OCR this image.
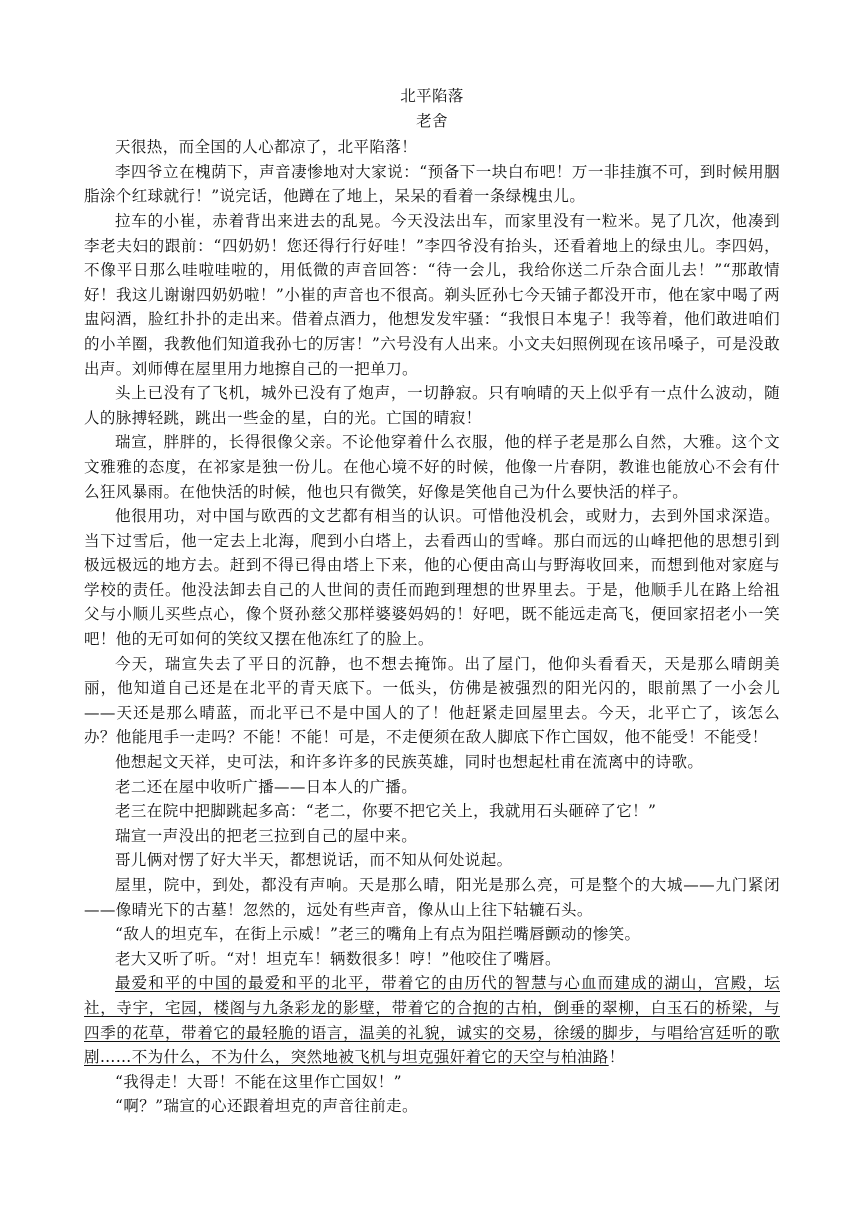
北平陷落

老舍

天很热，而全国的人心都凉了，北平陷落！

李四爷立在槐荫下，声音凄惨地对大家说：“预备下一块白布吧！万一非挂旗不可，到时候用胭脂涂个红球就行！”说完话，他蹲在了地上，呆呆的看着一条绿槐虫儿。

拉车的小崔，赤着背出来进去的乱晃。今天没法出车，而家里没有一粒米。晃了几次，他凑到李老夫妇的跟前：“四奶奶！您还得行行好哇！”李四爷没有抬头，还看着地上的绿虫儿。李四妈，不像平日那么哇啦哇啦的，用低微的声音回答：“待一会儿，我给你送二斤杂合面儿去！”“那敢情好！我这儿谢谢四奶奶啦！”小崔的声音也不很高。剃头匠孙七今天铺子都没开市，他在家中喝了两盅闷酒，脸红扑扑的走出来。借着点酒力，他想发发牢骚：“我恨日本鬼子！我等着，他们敢进咱们的小羊圈，我教他们知道我孙七的厉害！”六号没有人出来。小文夫妇照例现在该吊嗓子，可是没敢出声。刘师傅在屋里用力地擦自己的一把单刀。

头上已没有了飞机，城外已没有了炮声，一切静寂。只有响晴的天上似乎有一点什么波动，随人的脉搏轻跳，跳出一些金的星，白的光。亡国的晴寂！

瑞宣，胖胖的，长得很像父亲。不论他穿着什么衣服，他的样子老是那么自然，大雅。这个文文雅雅的态度，在祁家是独一份儿。在他心境不好的时候，他像一片春阴，教谁也能放心不会有什么狂风暴雨。在他快活的时候，他也只有微笑，好像是笑他自己为什么要快活的样子。

他很用功，对中国与欧西的文艺都有相当的认识。可惜他没机会，或财力，去到外国求深造。当下过雪后，他一定去上北海，爬到小白塔上，去看西山的雪峰。那白而远的山峰把他的思想引到极远极远的地方去。赶到不得已得由塔上下来，他的心便由高山与野海收回来，而想到他对家庭与学校的责任。他没法卸去自己的人世间的责任而跑到理想的世界里去。于是，他顺手儿在路上给祖父与小顺儿买些点心，像个贤孙慈父那样婆婆妈妈的！好吧，既不能远走高飞，便回家招老小一笑吧！他的无可如何的笑纹又摆在他冻红了的脸上。

今天，瑞宣失去了平日的沉静，也不想去掩饰。出了屋门，他仰头看看天，天是那么晴朗美丽，他知道自己还是在北平的青天底下。一低头，仿佛是被强烈的阳光闪的，眼前黑了一小会儿——天还是那么晴蓝，而北平已不是中国人的了！他赶紧走回屋里去。今天，北平亡了，该怎么办？他能甩手一走吗？不能！不能！可是，不走便须在敌人脚底下作亡国奴，他不能受！不能受！

他想起文天祥，史可法，和许多许多的民族英雄，同时也想起杜甫在流离中的诗歌。

老二还在屋中收听广播——日本人的广播。

老三在院中把脚跳起多高：“老二，你要不把它关上，我就用石头砸碎了它！”

瑞宣一声没出的把老三拉到自己的屋中来。

哥儿俩对愣了好大半天，都想说话，而不知从何处说起。

屋里，院中，到处，都没有声响。天是那么晴，阳光是那么亮，可是整个的大城——九门紧闭——像晴光下的古墓！忽然的，远处有些声音，像从山上往下轱辘石头。

“敌人的坦克车，在街上示威！”老三的嘴角上有点为阻拦嘴唇颤动的惨笑。

老大又听了听。“对！坦克车！辆数很多！哼！”他咬住了嘴唇。

最爱和平的中国的最爱和平的北平，带着它的由历代的智慧与心血而建成的湖山，宫殿，坛社，寺宇，宅园，楼阁与九条彩龙的影壁，带着它的合抱的古柏，倒垂的翠柳，白玉石的桥梁，与四季的花草，带着它的最轻脆的语言，温美的礼貌，诚实的交易，徐缓的脚步，与唱给宫廷听的歌剧……不为什么，不为什么，突然地被飞机与坦克强奸着它的天空与柏油路！

“我得走！大哥！不能在这里作亡国奴！”

“啊？”瑞宣的心还跟着坦克的声音往前走。
